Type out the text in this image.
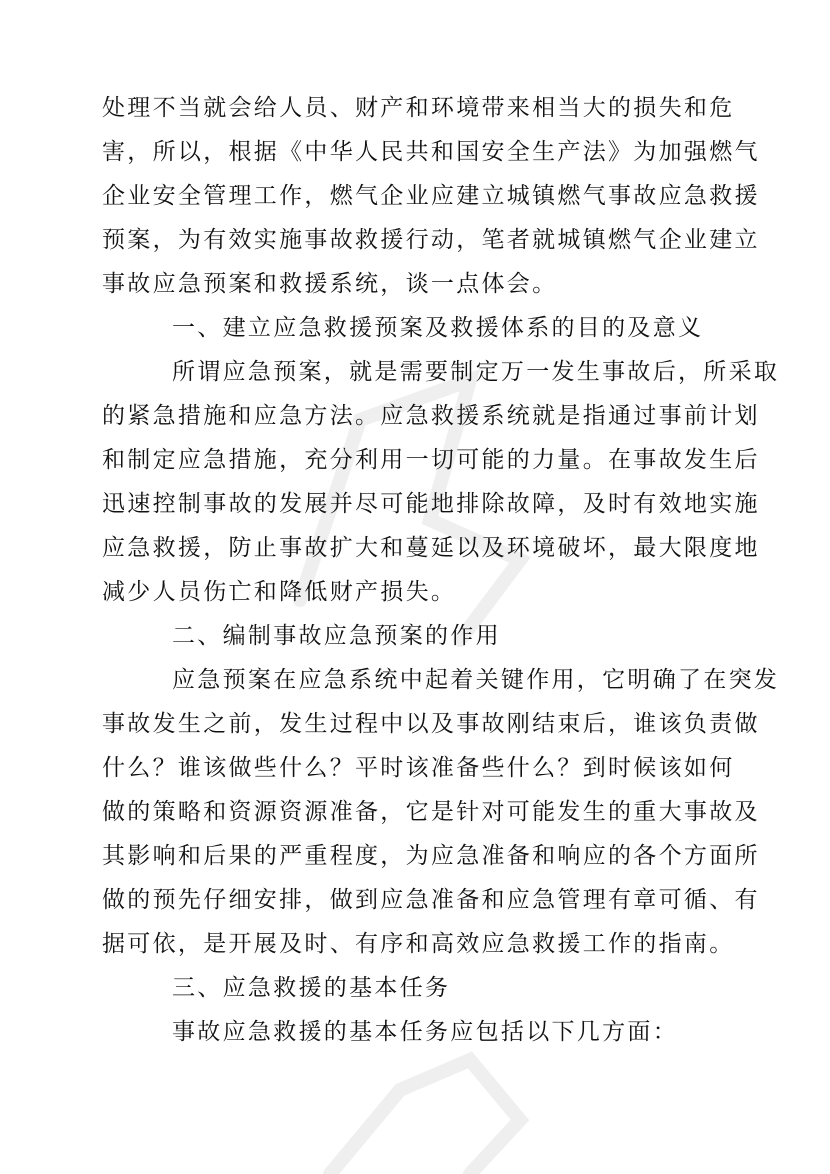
处理不当就会给人员、财产和环境带来相当大的损失和危
害，所以，根据《中华人民共和国安全生产法》为加强燃气
企业安全管理工作，燃气企业应建立城镇燃气事故应急救援
预案，为有效实施事故救援行动，笔者就城镇燃气企业建立
事故应急预案和救援系统，谈一点体会。
一、建立应急救援预案及救援体系的目的及意义
所谓应急预案，就是需要制定万一发生事故后，所采取
的紧急措施和应急方法。应急救援系统就是指通过事前计划
和制定应急措施，充分利用一切可能的力量。在事故发生后
迅速控制事故的发展并尽可能地排除故障，及时有效地实施
应急救援，防止事故扩大和蔓延以及环境破坏，最大限度地
减少人员伤亡和降低财产损失。
二、编制事故应急预案的作用
应急预案在应急系统中起着关键作用，它明确了在突发
事故发生之前，发生过程中以及事故刚结束后，谁该负责做
什么？谁该做些什么？平时该准备些什么？到时候该如何
做的策略和资源资源准备，它是针对可能发生的重大事故及
其影响和后果的严重程度，为应急准备和响应的各个方面所
做的预先仔细安排，做到应急准备和应急管理有章可循、有
据可依，是开展及时、有序和高效应急救援工作的指南。
三、应急救援的基本任务
事故应急救援的基本任务应包括以下几方面：
